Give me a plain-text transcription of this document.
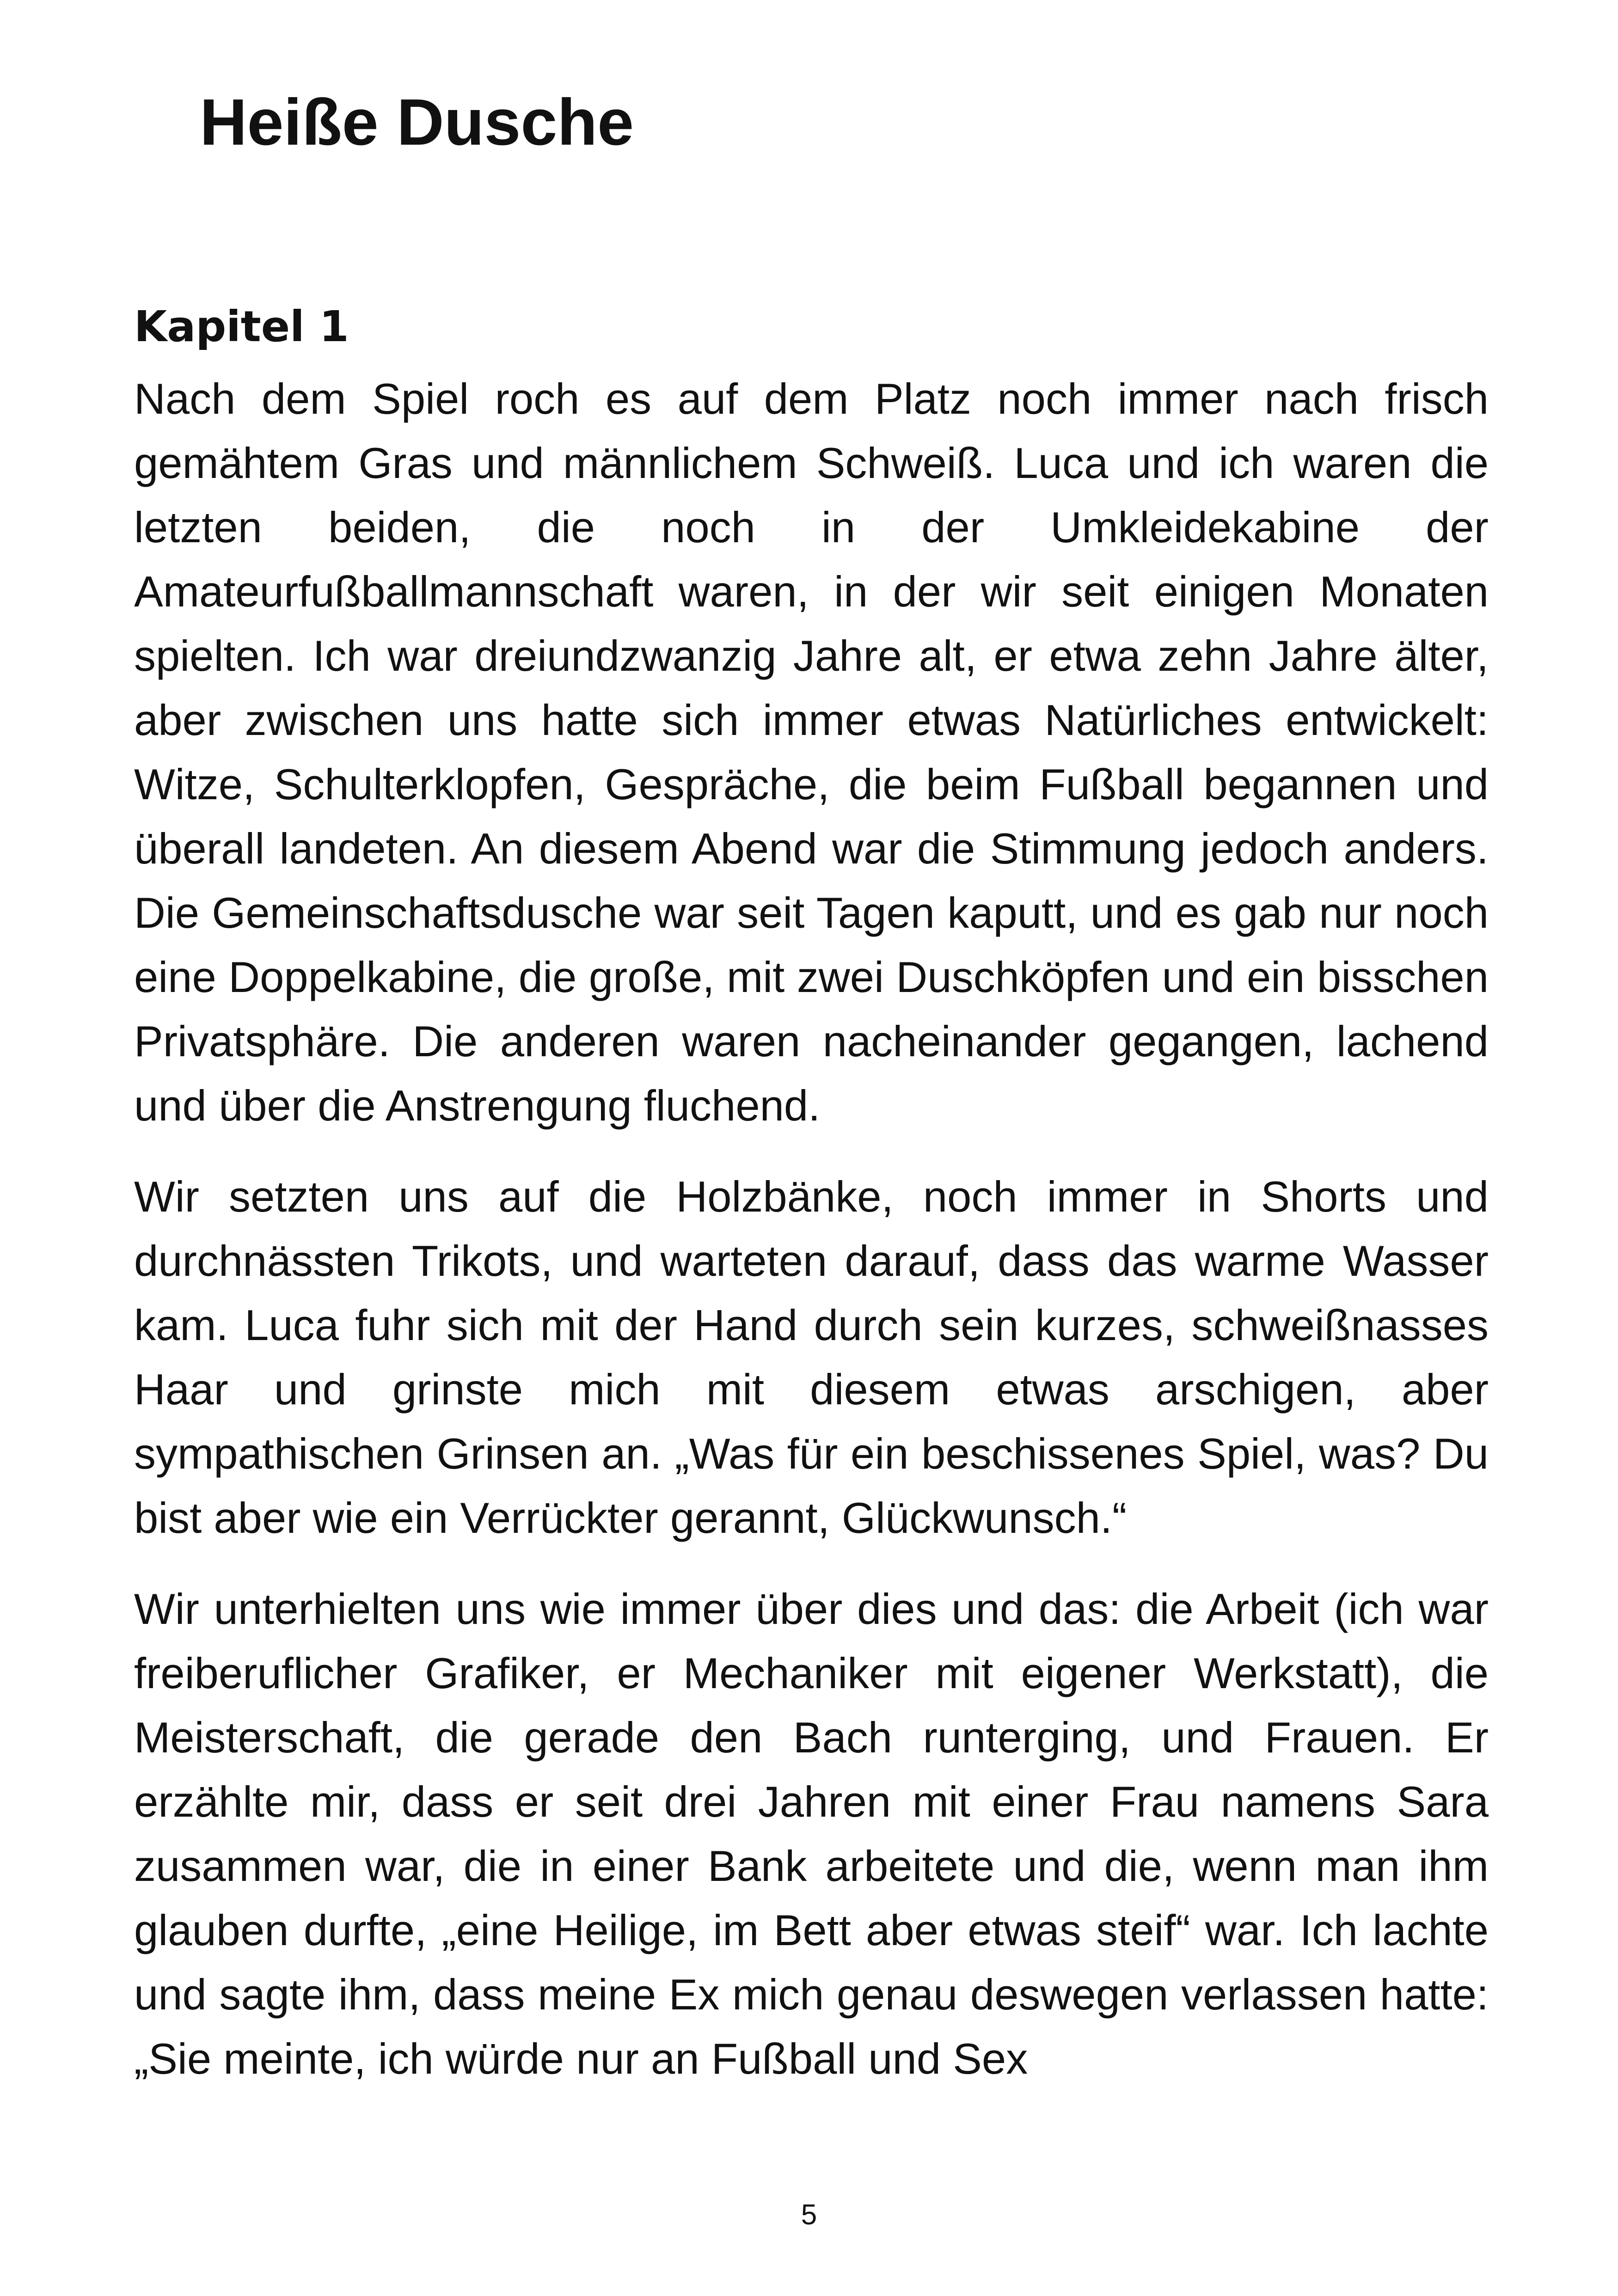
Heiße Dusche
Kapitel 1

Nach dem Spiel roch es auf dem Platz noch immer nach frisch gemähtem Gras und männlichem Schweiß. Luca und ich waren die letzten beiden, die noch in der Umkleidekabine der Amateurfußballmannschaft waren, in der wir seit einigen Monaten spielten. Ich war dreiundzwanzig Jahre alt, er etwa zehn Jahre älter, aber zwischen uns hatte sich immer etwas Natürliches entwickelt: Witze, Schulterklopfen, Gespräche, die beim Fußball begannen und überall landeten. An diesem Abend war die Stimmung jedoch anders. Die Gemeinschaftsdusche war seit Tagen kaputt, und es gab nur noch eine Doppelkabine, die große, mit zwei Duschköpfen und ein bisschen Privatsphäre. Die anderen waren nacheinander gegangen, lachend und über die Anstrengung fluchend.

Wir setzten uns auf die Holzbänke, noch immer in Shorts und durchnässten Trikots, und warteten darauf, dass das warme Wasser kam. Luca fuhr sich mit der Hand durch sein kurzes, schweißnasses Haar und grinste mich mit diesem etwas arschigen, aber sympathischen Grinsen an. „Was für ein beschissenes Spiel, was? Du bist aber wie ein Verrückter gerannt, Glückwunsch.“

Wir unterhielten uns wie immer über dies und das: die Arbeit (ich war freiberuflicher Grafiker, er Mechaniker mit eigener Werkstatt), die Meisterschaft, die gerade den Bach runterging, und Frauen. Er erzählte mir, dass er seit drei Jahren mit einer Frau namens Sara zusammen war, die in einer Bank arbeitete und die, wenn man ihm glauben durfte, „eine Heilige, im Bett aber etwas steif“ war. Ich lachte und sagte ihm, dass meine Ex mich genau deswegen verlassen hatte: „Sie meinte, ich würde nur an Fußball und Sex

5
